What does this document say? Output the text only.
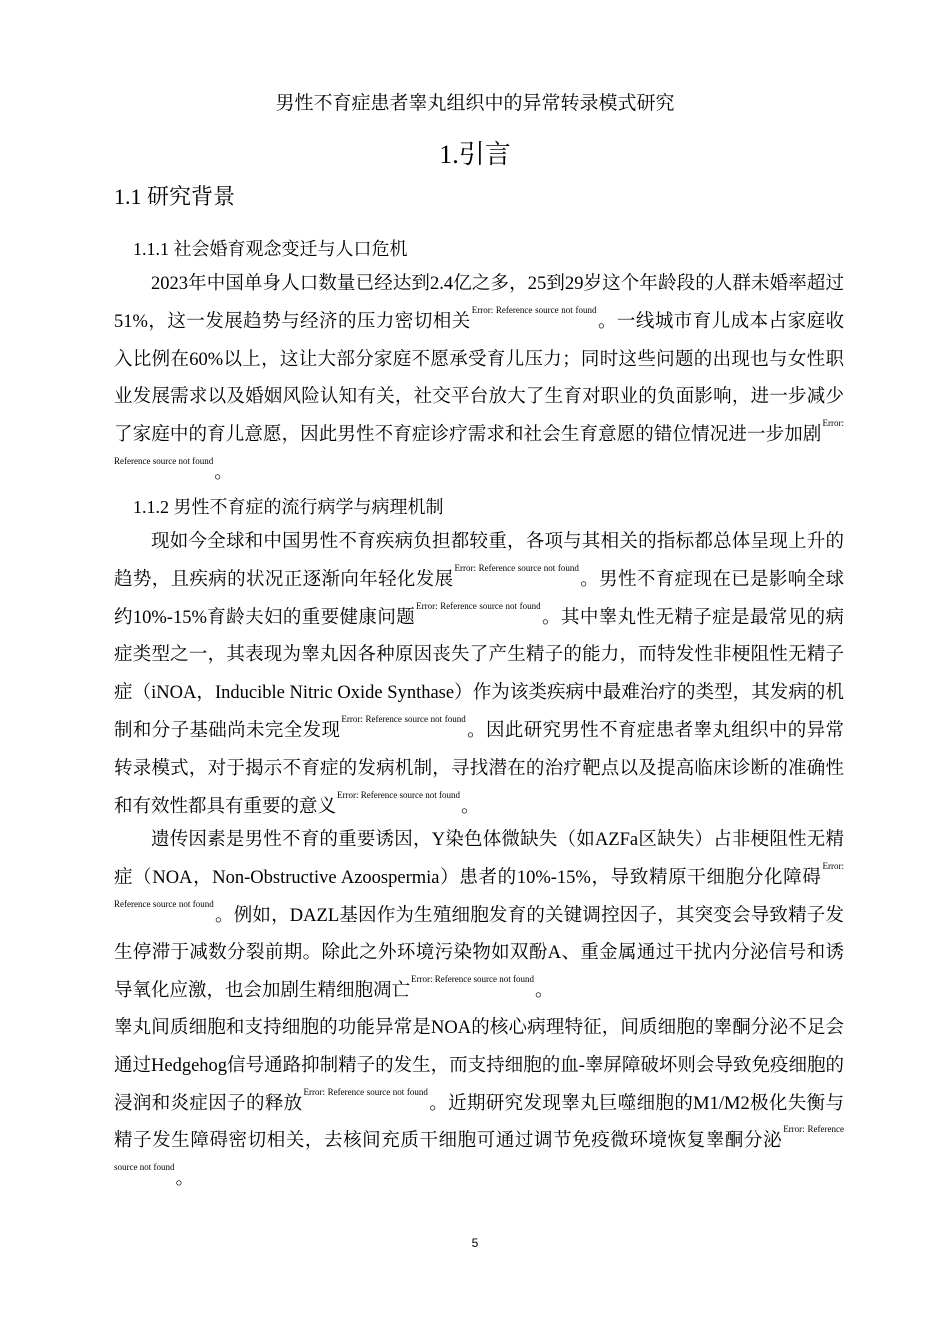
男性不育症患者睾丸组织中的异常转录模式研究
1.引言
1.1 研究背景
1.1.1 社会婚育观念变迁与人口危机
2023年中国单身人口数量已经达到2.4亿之多，25到29岁这个年龄段的人群未婚率超过51%，这一发展趋势与经济的压力密切相关$^{Error: Reference source not found}$。一线城市育儿成本占家庭收入比例在60%以上，这让大部分家庭不愿承受育儿压力；同时这些问题的出现也与女性职业发展需求以及婚姻风险认知有关，社交平台放大了生育对职业的负面影响，进一步减少了家庭中的育儿意愿，因此男性不育症诊疗需求和社会生育意愿的错位情况进一步加剧$^{Error: Reference source not found}$。
1.1.2 男性不育症的流行病学与病理机制
现如今全球和中国男性不育疾病负担都较重，各项与其相关的指标都总体呈现上升的趋势，且疾病的状况正逐渐向年轻化发展$^{Error: Reference source not found}$。男性不育症现在已是影响全球约10%-15%育龄夫妇的重要健康问题$^{Error: Reference source not found}$。其中睾丸性无精子症是最常见的病症类型之一，其表现为睾丸因各种原因丧失了产生精子的能力，而特发性非梗阻性无精子症（iNOA，Inducible Nitric Oxide Synthase）作为该类疾病中最难治疗的类型，其发病的机制和分子基础尚未完全发现$^{Error: Reference source not found}$。因此研究男性不育症患者睾丸组织中的异常转录模式，对于揭示不育症的发病机制，寻找潜在的治疗靶点以及提高临床诊断的准确性和有效性都具有重要的意义$^{Error: Reference source not found}$。
遗传因素是男性不育的重要诱因，Y染色体微缺失（如AZFa区缺失）占非梗阻性无精症（NOA，Non-Obstructive Azoospermia）患者的10%-15%，导致精原干细胞分化障碍$^{Error: Reference source not found}$。例如，DAZL基因作为生殖细胞发育的关键调控因子，其突变会导致精子发生停滞于减数分裂前期。除此之外环境污染物如双酚A、重金属通过干扰内分泌信号和诱导氧化应激，也会加剧生精细胞凋亡$^{Error: Reference source not found}$。
睾丸间质细胞和支持细胞的功能异常是NOA的核心病理特征，间质细胞的睾酮分泌不足会通过Hedgehog信号通路抑制精子的发生，而支持细胞的血-睾屏障破坏则会导致免疫细胞的浸润和炎症因子的释放$^{Error: Reference source not found}$。近期研究发现睾丸巨噬细胞的M1/M2极化失衡与精子发生障碍密切相关，去核间充质干细胞可通过调节免疫微环境恢复睾酮分泌$^{Error: Reference source not found}$。
5
